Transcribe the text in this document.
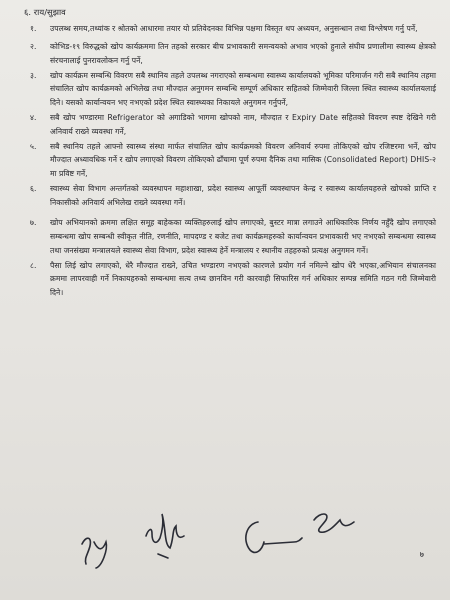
६. राय/सुझाव
१.	उपलब्ध समय,तथ्यांक र श्रोतको आधारमा तयार यो प्रतिवेदनका विभिन्न पक्षमा विस्तृत थप अध्ययन, अनुसन्धान तथा विश्लेषण गर्नु पर्ने,
२.	कोभिड-१९ विरुद्धको खोप कार्यक्रममा तिन तहको सरकार बीच प्रभावकारी समन्वयको अभाव भएको हुनाले संघीय प्रणालीमा स्वास्थ्य क्षेत्रको संरचनालाई पुनरावलोकन गर्नु पर्ने,
३.	खोप कार्यक्रम सम्बन्धि विवरण सबै स्थानिय तहले उपलब्ध नगराएको सम्बन्धमा स्वास्थ्य कार्यालयको भूमिका परिमार्जन गरी सबै स्थानिय तहमा संचालित खोप कार्यक्रमको अभिलेख तथा मौज्दात अनुगमन सम्बन्धि सम्पूर्ण अधिकार सहितको जिम्मेवारी जिल्ला स्थित स्वास्थ्य कार्यालयलाई दिने। यसको कार्यान्वयन भए नभएको प्रदेश स्थित स्वास्थ्यका निकायले अनुगमन गर्नुपर्ने,
४.	सबै खोप भण्डारमा Refrigerator को अगाडिको भागमा खोपको नाम, मौज्दात र Expiry Date सहितको विवरण स्पष्ट देखिने गरी अनिवार्य राख्ने व्यवस्था गर्ने,
५.	सबै स्थानिय तहले आफ्नो स्वास्थ्य संस्था मार्फत संचालित खोप कार्यक्रमको विवरण अनिवार्य रुपमा तोकिएको खोप रजिष्टरमा भर्ने, खोप मौज्दात अध्यावधिक गर्ने र खोप लगाएको विवरण तोकिएको ढाँचामा पूर्ण रुपमा दैनिक तथा मासिक (Consolidated Report) DHIS-२ मा प्रविष्ट गर्ने,
६.	स्वास्थ्य सेवा विभाग अन्तर्गतको व्यवस्थापन महाशाखा, प्रदेश स्वास्थ्य आपूर्ती व्यवस्थापन केन्द्र र स्वास्थ्य कार्यालयहरुले खोपको प्राप्ति र निकासीको अनिवार्य अभिलेख राख्ने व्यवस्था गर्ने।
७.	खोप अभियानको क्रममा लक्षित समूह बाहेकका व्यक्तिहरुलाई खोप लगाएको, बुस्टर मात्रा लगाउने आधिकारिक निर्णय नहुँदै खोप लगाएको सम्बन्धमा खोप सम्बन्धी स्वीकृत नीति, रणनीति, मापदण्ड र बजेट तथा कार्यक्रमहरुको कार्यान्वयन प्रभावकारी भए नभएको सम्बन्धमा स्वास्थ्य तथा जनसंख्या मन्त्रालयले स्वास्थ्य सेवा विभाग, प्रदेश स्वास्थ्य हेर्ने मन्त्रालय र स्थानीय तहहरुको प्रत्यक्ष अनुगमन गर्ने।
८.	पैसा लिई खोप लगाएको, धेरै मौज्दात राख्ने, उचित भण्डारण नभएको कारणले प्रयोग गर्न नमिल्ने खोप धेरै भएका,अभियान संचालनका क्रममा लापरवाही गर्ने निकायहरुको सम्बन्धमा सत्य तथ्य छानविन गरी कारवाही सिफारिस गर्न अधिकार सम्पन्न समिति गठन गरी जिम्मेवारी दिने।
७
